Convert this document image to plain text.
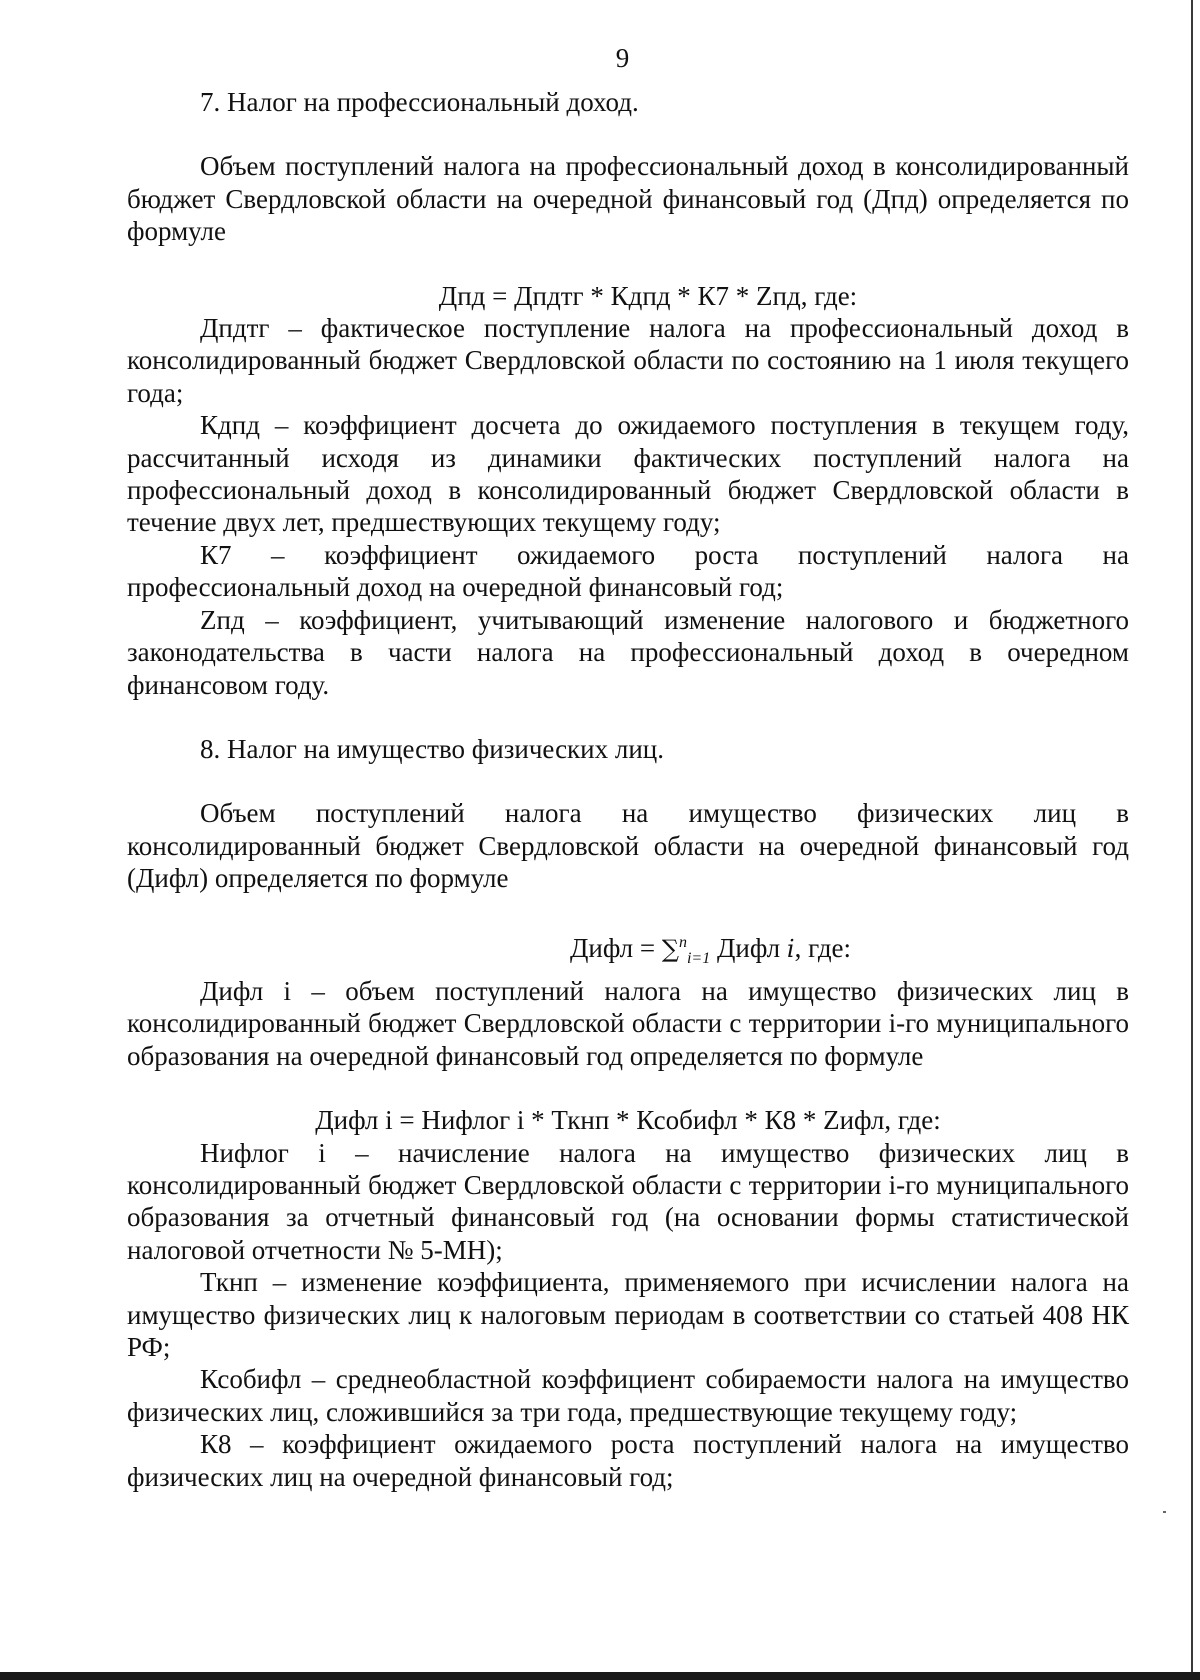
9

7. Налог на профессиональный доход.

Объем поступлений налога на профессиональный доход в консолидированный бюджет Свердловской области на очередной финансовый год (Дпд) определяется по формуле

Дпд = Дпдтг * Кдпд * К7 * Zпд, где:

Дпдтг – фактическое поступление налога на профессиональный доход в консолидированный бюджет Свердловской области по состоянию на 1 июля текущего года;

Кдпд – коэффициент досчета до ожидаемого поступления в текущем году, рассчитанный исходя из динамики фактических поступлений налога на профессиональный доход в консолидированный бюджет Свердловской области в течение двух лет, предшествующих текущему году;

К7 – коэффициент ожидаемого роста поступлений налога на профессиональный доход на очередной финансовый год;

Zпд – коэффициент, учитывающий изменение налогового и бюджетного законодательства в части налога на профессиональный доход в очередном финансовом году.

8. Налог на имущество физических лиц.

Объем поступлений налога на имущество физических лиц в консолидированный бюджет Свердловской области на очередной финансовый год (Дифл) определяется по формуле

Дифл = ∑$^n_{i=1}$ Дифл i, где:

Дифл i – объем поступлений налога на имущество физических лиц в консолидированный бюджет Свердловской области с территории i-го муниципального образования на очередной финансовый год определяется по формуле

Дифл i = Нифлог i * Ткнп * Ксобифл * К8 * Zифл, где:

Нифлог i – начисление налога на имущество физических лиц в консолидированный бюджет Свердловской области с территории i-го муниципального образования за отчетный финансовый год (на основании формы статистической налоговой отчетности № 5-МН);

Ткнп – изменение коэффициента, применяемого при исчислении налога на имущество физических лиц к налоговым периодам в соответствии со статьей 408 НК РФ;

Ксобифл – среднеобластной коэффициент собираемости налога на имущество физических лиц, сложившийся за три года, предшествующие текущему году;

К8 – коэффициент ожидаемого роста поступлений налога на имущество физических лиц на очередной финансовый год;
